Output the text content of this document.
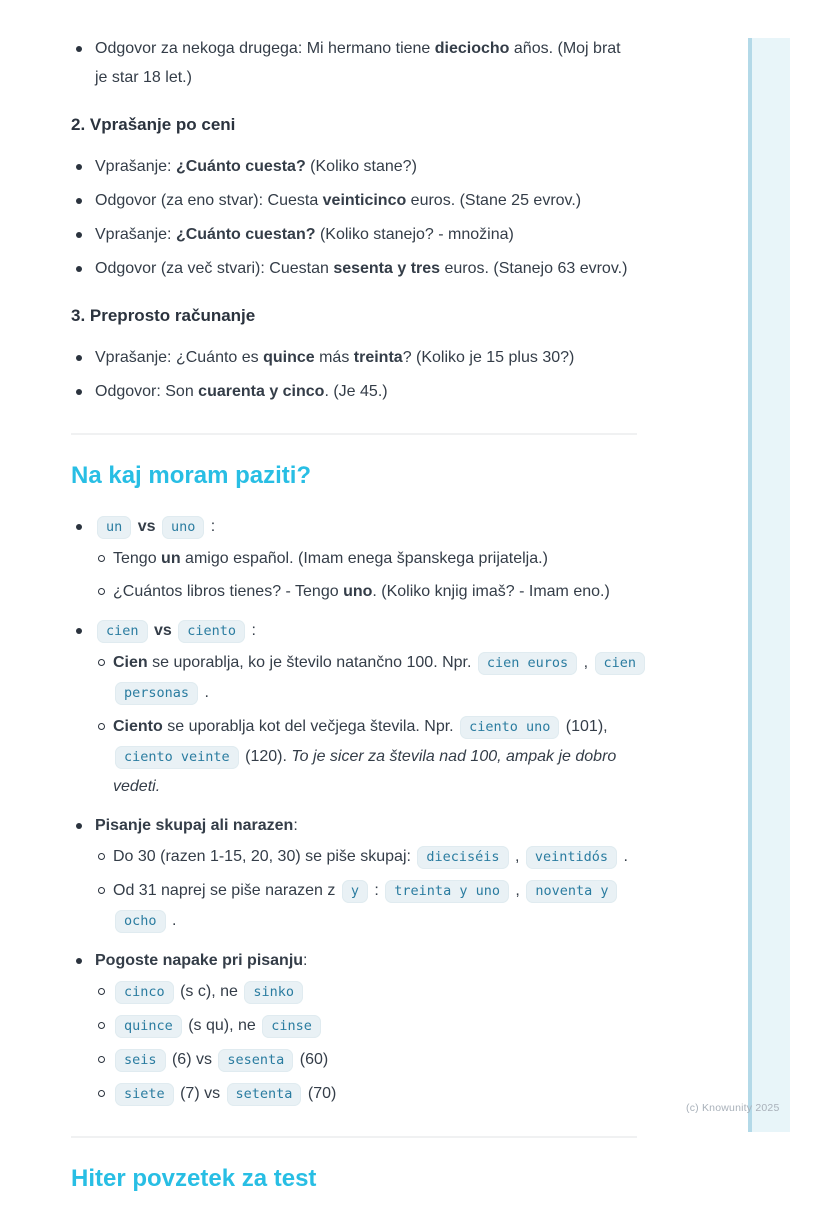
Odgovor za nekoga drugega: Mi hermano tiene dieciocho años. (Moj brat je star 18 let.)
2. Vprašanje po ceni
Vprašanje: ¿Cuánto cuesta? (Koliko stane?)
Odgovor (za eno stvar): Cuesta veinticinco euros. (Stane 25 evrov.)
Vprašanje: ¿Cuánto cuestan? (Koliko stanejo? - množina)
Odgovor (za več stvari): Cuestan sesenta y tres euros. (Stanejo 63 evrov.)
3. Preprosto računanje
Vprašanje: ¿Cuánto es quince más treinta? (Koliko je 15 plus 30?)
Odgovor: Son cuarenta y cinco. (Je 45.)
Na kaj moram paziti?
un vs uno :
Tengo un amigo español. (Imam enega španskega prijatelja.)
¿Cuántos libros tienes? - Tengo uno. (Koliko knjig imaš? - Imam eno.)
cien vs ciento :
Cien se uporablja, ko je število natančno 100. Npr. cien euros , cien personas .
Ciento se uporablja kot del večjega števila. Npr. ciento uno (101), ciento veinte (120). To je sicer za števila nad 100, ampak je dobro vedeti.
Pisanje skupaj ali narazen:
Do 30 (razen 1-15, 20, 30) se piše skupaj: dieciséis , veintidós .
Od 31 naprej se piše narazen z y : treinta y uno , noventa y ocho .
Pogoste napake pri pisanju:
cinco (s c), ne sinko
quince (s qu), ne cinse
seis (6) vs sesenta (60)
siete (7) vs setenta (70)
Hiter povzetek za test
(c) Knowunity 2025
